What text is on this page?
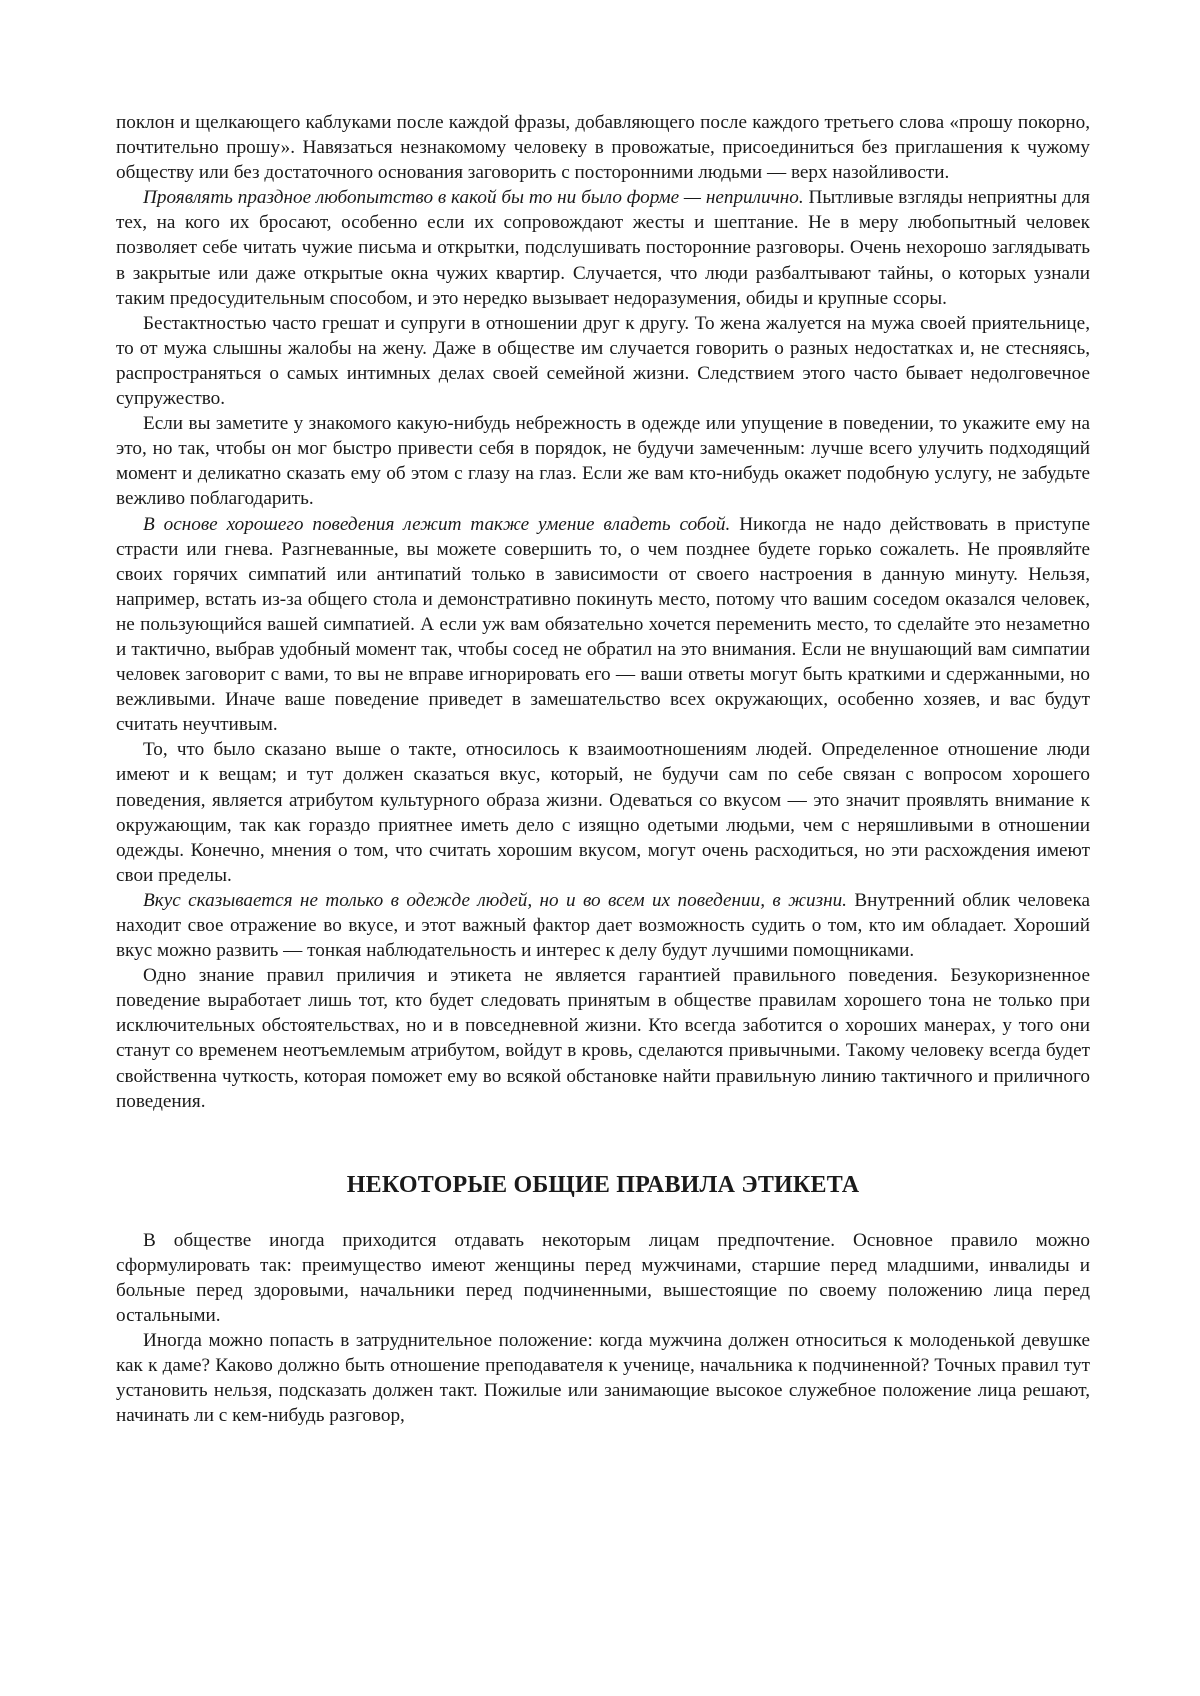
поклон и щелкающего каблуками после каждой фразы, добавляющего после каждого третьего слова «прошу покорно, почтительно прошу». Навязаться незнакомому человеку в провожатые, присоединиться без приглашения к чужому обществу или без достаточного основания заговорить с посторонними людьми — верх назойливости.

Проявлять праздное любопытство в какой бы то ни было форме — неприлично. Пытливые взгляды неприятны для тех, на кого их бросают, особенно если их сопровождают жесты и шептание. Не в меру любопытный человек позволяет себе читать чужие письма и открытки, подслушивать посторонние разговоры. Очень нехорошо заглядывать в закрытые или даже открытые окна чужих квартир. Случается, что люди разбалтывают тайны, о которых узнали таким предосудительным способом, и это нередко вызывает недоразумения, обиды и крупные ссоры.

Бестактностью часто грешат и супруги в отношении друг к другу. То жена жалуется на мужа своей приятельнице, то от мужа слышны жалобы на жену. Даже в обществе им случается говорить о разных недостатках и, не стесняясь, распространяться о самых интимных делах своей семейной жизни. Следствием этого часто бывает недолговечное супружество.

Если вы заметите у знакомого какую-нибудь небрежность в одежде или упущение в поведении, то укажите ему на это, но так, чтобы он мог быстро привести себя в порядок, не будучи замеченным: лучше всего улучить подходящий момент и деликатно сказать ему об этом с глазу на глаз. Если же вам кто-нибудь окажет подобную услугу, не забудьте вежливо поблагодарить.

В основе хорошего поведения лежит также умение владеть собой. Никогда не надо действовать в приступе страсти или гнева. Разгневанные, вы можете совершить то, о чем позднее будете горько сожалеть. Не проявляйте своих горячих симпатий или антипатий только в зависимости от своего настроения в данную минуту. Нельзя, например, встать из-за общего стола и демонстративно покинуть место, потому что вашим соседом оказался человек, не пользующийся вашей симпатией. А если уж вам обязательно хочется переменить место, то сделайте это незаметно и тактично, выбрав удобный момент так, чтобы сосед не обратил на это внимания. Если не внушающий вам симпатии человек заговорит с вами, то вы не вправе игнорировать его — ваши ответы могут быть краткими и сдержанными, но вежливыми. Иначе ваше поведение приведет в замешательство всех окружающих, особенно хозяев, и вас будут считать неучтивым.

То, что было сказано выше о такте, относилось к взаимоотношениям людей. Определенное отношение люди имеют и к вещам; и тут должен сказаться вкус, который, не будучи сам по себе связан с вопросом хорошего поведения, является атрибутом культурного образа жизни. Одеваться со вкусом — это значит проявлять внимание к окружающим, так как гораздо приятнее иметь дело с изящно одетыми людьми, чем с неряшливыми в отношении одежды. Конечно, мнения о том, что считать хорошим вкусом, могут очень расходиться, но эти расхождения имеют свои пределы.

Вкус сказывается не только в одежде людей, но и во всем их поведении, в жизни. Внутренний облик человека находит свое отражение во вкусе, и этот важный фактор дает возможность судить о том, кто им обладает. Хороший вкус можно развить — тонкая наблюдательность и интерес к делу будут лучшими помощниками.

Одно знание правил приличия и этикета не является гарантией правильного поведения. Безукоризненное поведение выработает лишь тот, кто будет следовать принятым в обществе правилам хорошего тона не только при исключительных обстоятельствах, но и в повседневной жизни. Кто всегда заботится о хороших манерах, у того они станут со временем неотъемлемым атрибутом, войдут в кровь, сделаются привычными. Такому человеку всегда будет свойственна чуткость, которая поможет ему во всякой обстановке найти правильную линию тактичного и приличного поведения.

НЕКОТОРЫЕ ОБЩИЕ ПРАВИЛА ЭТИКЕТА

В обществе иногда приходится отдавать некоторым лицам предпочтение. Основное правило можно сформулировать так: преимущество имеют женщины перед мужчинами, старшие перед младшими, инвалиды и больные перед здоровыми, начальники перед подчиненными, вышестоящие по своему положению лица перед остальными.

Иногда можно попасть в затруднительное положение: когда мужчина должен относиться к молоденькой девушке как к даме? Каково должно быть отношение преподавателя к ученице, начальника к подчиненной? Точных правил тут установить нельзя, подсказать должен такт. Пожилые или занимающие высокое служебное положение лица решают, начинать ли с кем-нибудь разговор,
